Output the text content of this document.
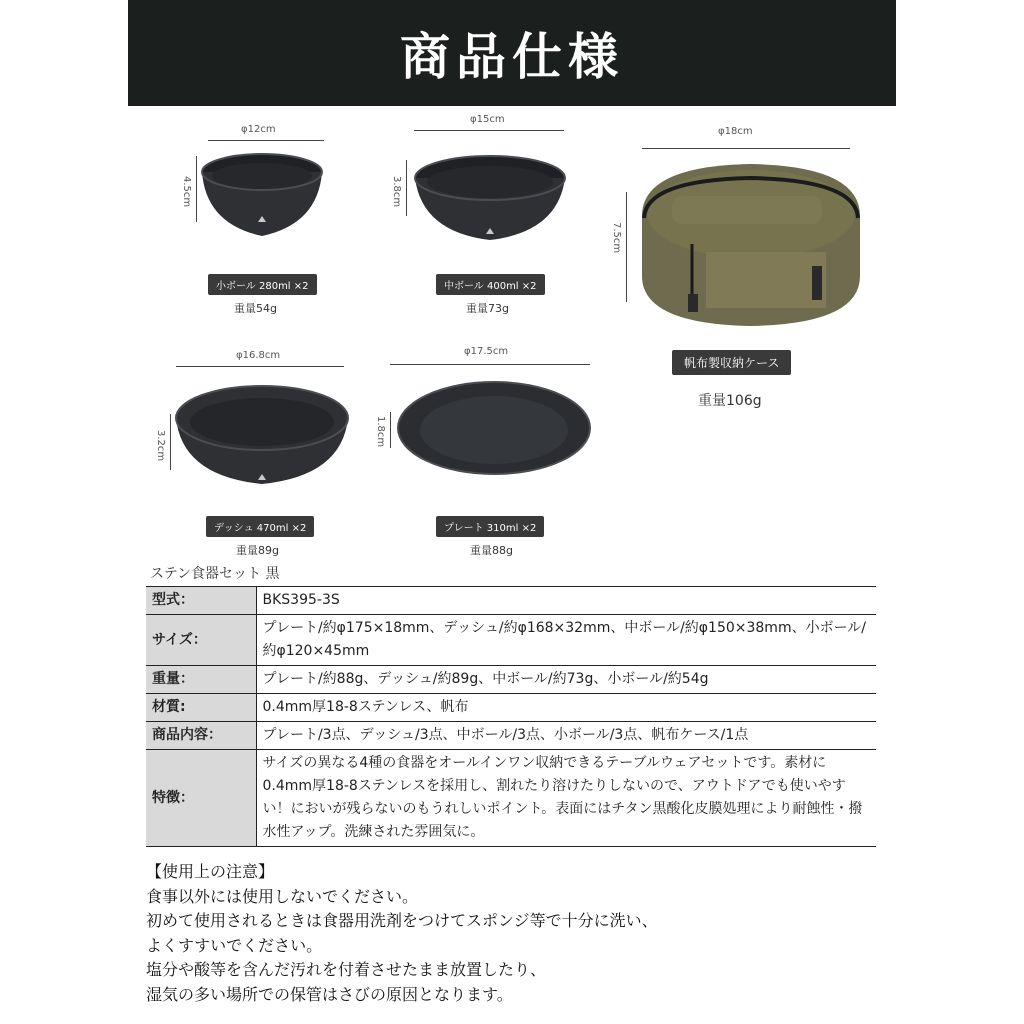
商品仕様
φ12cm
4.5cm
小ボール 280ml ×2
重量54g
φ15cm
3.8cm
中ボール 400ml ×2
重量73g
φ18cm
7.5cm
帆布製収納ケース
重量106g
φ16.8cm
3.2cm
デッシュ 470ml ×2
重量89g
φ17.5cm
1.8cm
プレート 310ml ×2
重量88g
ステン食器セット 黒
型式：	BKS395-3S
サイズ：	プレート/約φ175×18mm、デッシュ/約φ168×32mm、中ボール/約φ150×38mm、小ボール/約φ120×45mm
重量：	プレート/約88g、デッシュ/約89g、中ボール/約73g、小ボール/約54g
材質:	0.4mm厚18-8ステンレス、帆布
商品内容：	プレート/3点、デッシュ/3点、中ボール/3点、小ボール/3点、帆布ケース/1点
特徴：	サイズの異なる4種の食器をオールインワン収納できるテーブルウェアセットです。素材に0.4mm厚18-8ステンレスを採用し、割れたり溶けたりしないので、アウトドアでも使いやすい！においが残らないのもうれしいポイント。表面にはチタン黒酸化皮膜処理により耐蝕性・撥水性アップ。洗練された雰囲気に。

【使用上の注意】

食事以外には使用しないでください。

初めて使用されるときは食器用洗剤をつけてスポンジ等で十分に洗い、

よくすすいでください。

塩分や酸等を含んだ汚れを付着させたまま放置したり、

湿気の多い場所での保管はさびの原因となります。
